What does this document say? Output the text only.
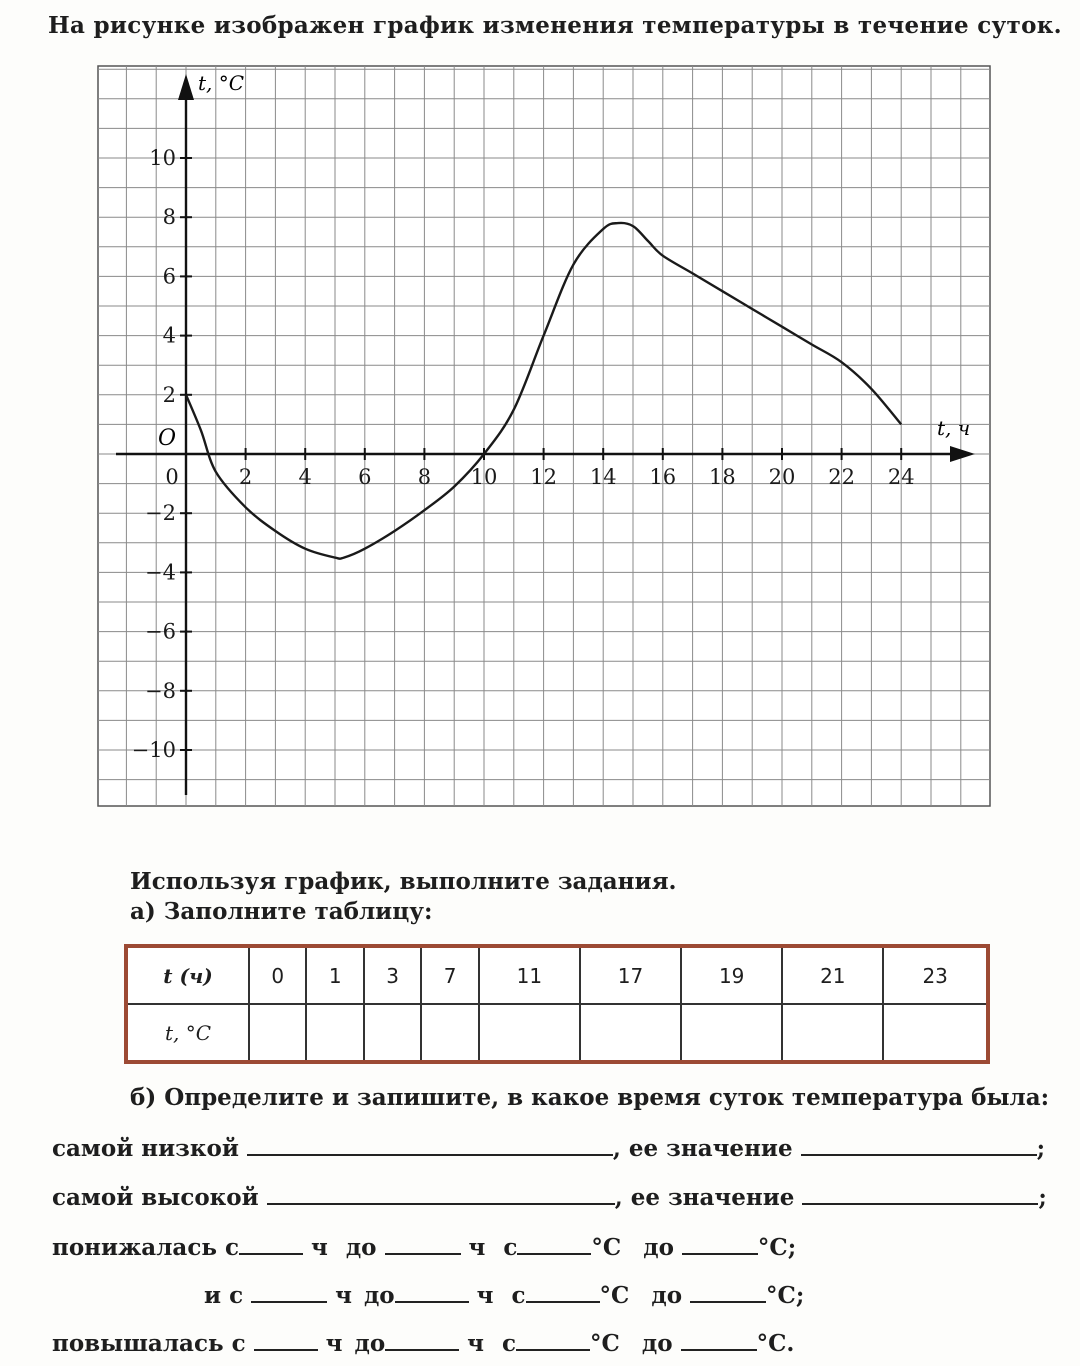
На рисунке изображен график изменения температуры в течение суток.
0	2 4 6 8 10 12 14 16 18 20 22 24
−10
−8
−6
−4
−2
2
4
6
8
10
t, °C
t, ч
O
Используя график, выполните задания.
а) Заполните таблицу:
t (ч)	0	1	3	7	11	17	19	21	23
t, °C									
б) Определите и запишите, в какое время суток температура была:
самой низкой	, ее значение	;
самой высокой	, ее значение	;
понижалась с	ч до	ч с	°С до	°С;
и с	ч до	ч с	°С до	°С;
повышалась с	ч до	ч с	°С до	°С.
